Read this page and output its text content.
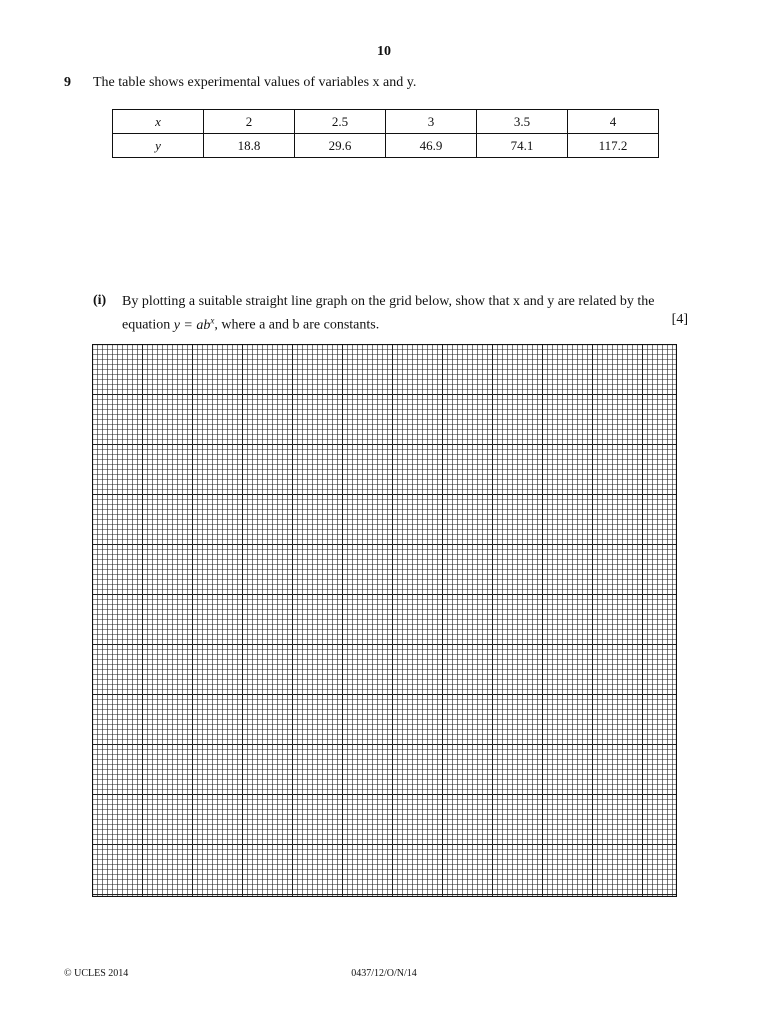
10
9 The table shows experimental values of variables x and y.
x	2	2.5	3	3.5	4
y	18.8	29.6	46.9	74.1	117.2
(i) By plotting a suitable straight line graph on the grid below, show that x and y are related by the
equation $y = ab^x$, where a and b are constants.	[4]
© UCLES 2014	0437/12/O/N/14
